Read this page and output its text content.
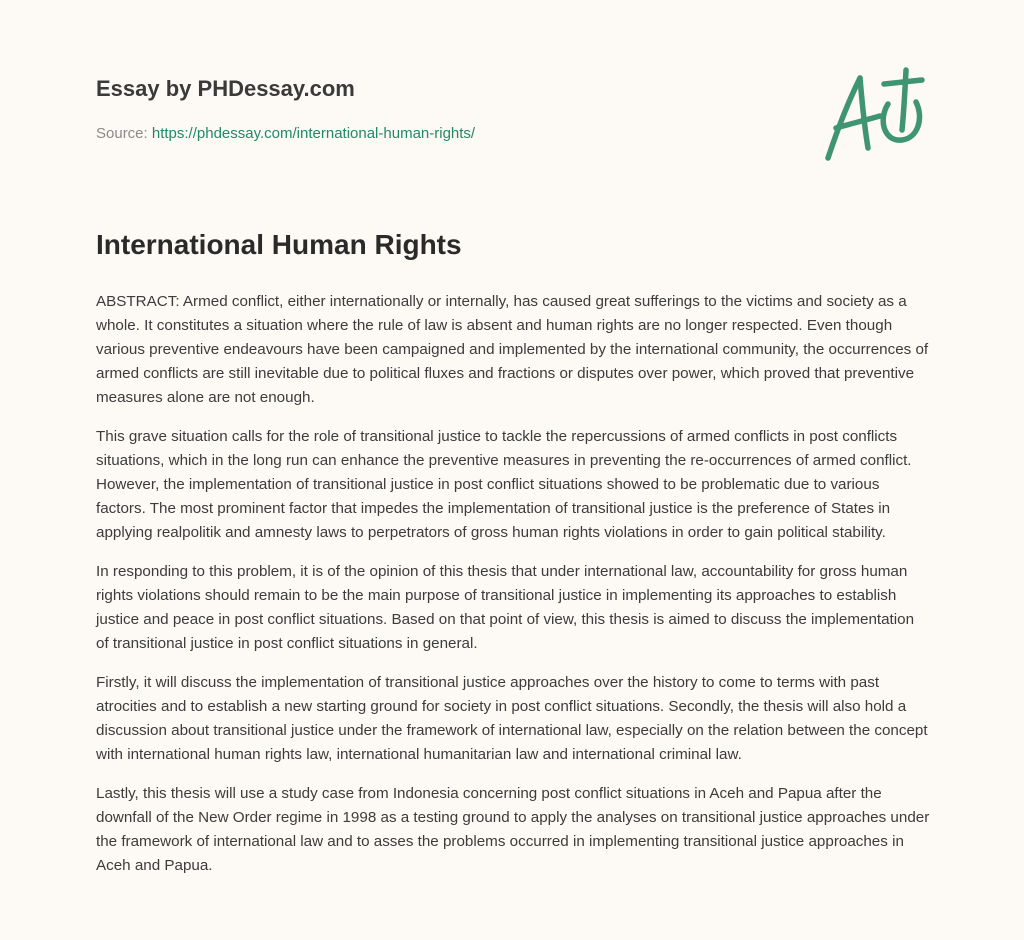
Essay by PHDessay.com
Source: https://phdessay.com/international-human-rights/
International Human Rights

ABSTRACT: Armed conflict, either internationally or internally, has caused great sufferings to the victims and society as a whole. It constitutes a situation where the rule of law is absent and human rights are no longer respected. Even though various preventive endeavours have been campaigned and implemented by the international community, the occurrences of armed conflicts are still inevitable due to political fluxes and fractions or disputes over power, which proved that preventive measures alone are not enough.

This grave situation calls for the role of transitional justice to tackle the repercussions of armed conflicts in post conflicts situations, which in the long run can enhance the preventive measures in preventing the re-occurrences of armed conflict. However, the implementation of transitional justice in post conflict situations showed to be problematic due to various factors. The most prominent factor that impedes the implementation of transitional justice is the preference of States in applying realpolitik and amnesty laws to perpetrators of gross human rights violations in order to gain political stability.

In responding to this problem, it is of the opinion of this thesis that under international law, accountability for gross human rights violations should remain to be the main purpose of transitional justice in implementing its approaches to establish justice and peace in post conflict situations. Based on that point of view, this thesis is aimed to discuss the implementation of transitional justice in post conflict situations in general.

Firstly, it will discuss the implementation of transitional justice approaches over the history to come to terms with past atrocities and to establish a new starting ground for society in post conflict situations. Secondly, the thesis will also hold a discussion about transitional justice under the framework of international law, especially on the relation between the concept with international human rights law, international humanitarian law and international criminal law.

Lastly, this thesis will use a study case from Indonesia concerning post conflict situations in Aceh and Papua after the downfall of the New Order regime in 1998 as a testing ground to apply the analyses on transitional justice approaches under the framework of international law and to asses the problems occurred in implementing transitional justice approaches in Aceh and Papua.
